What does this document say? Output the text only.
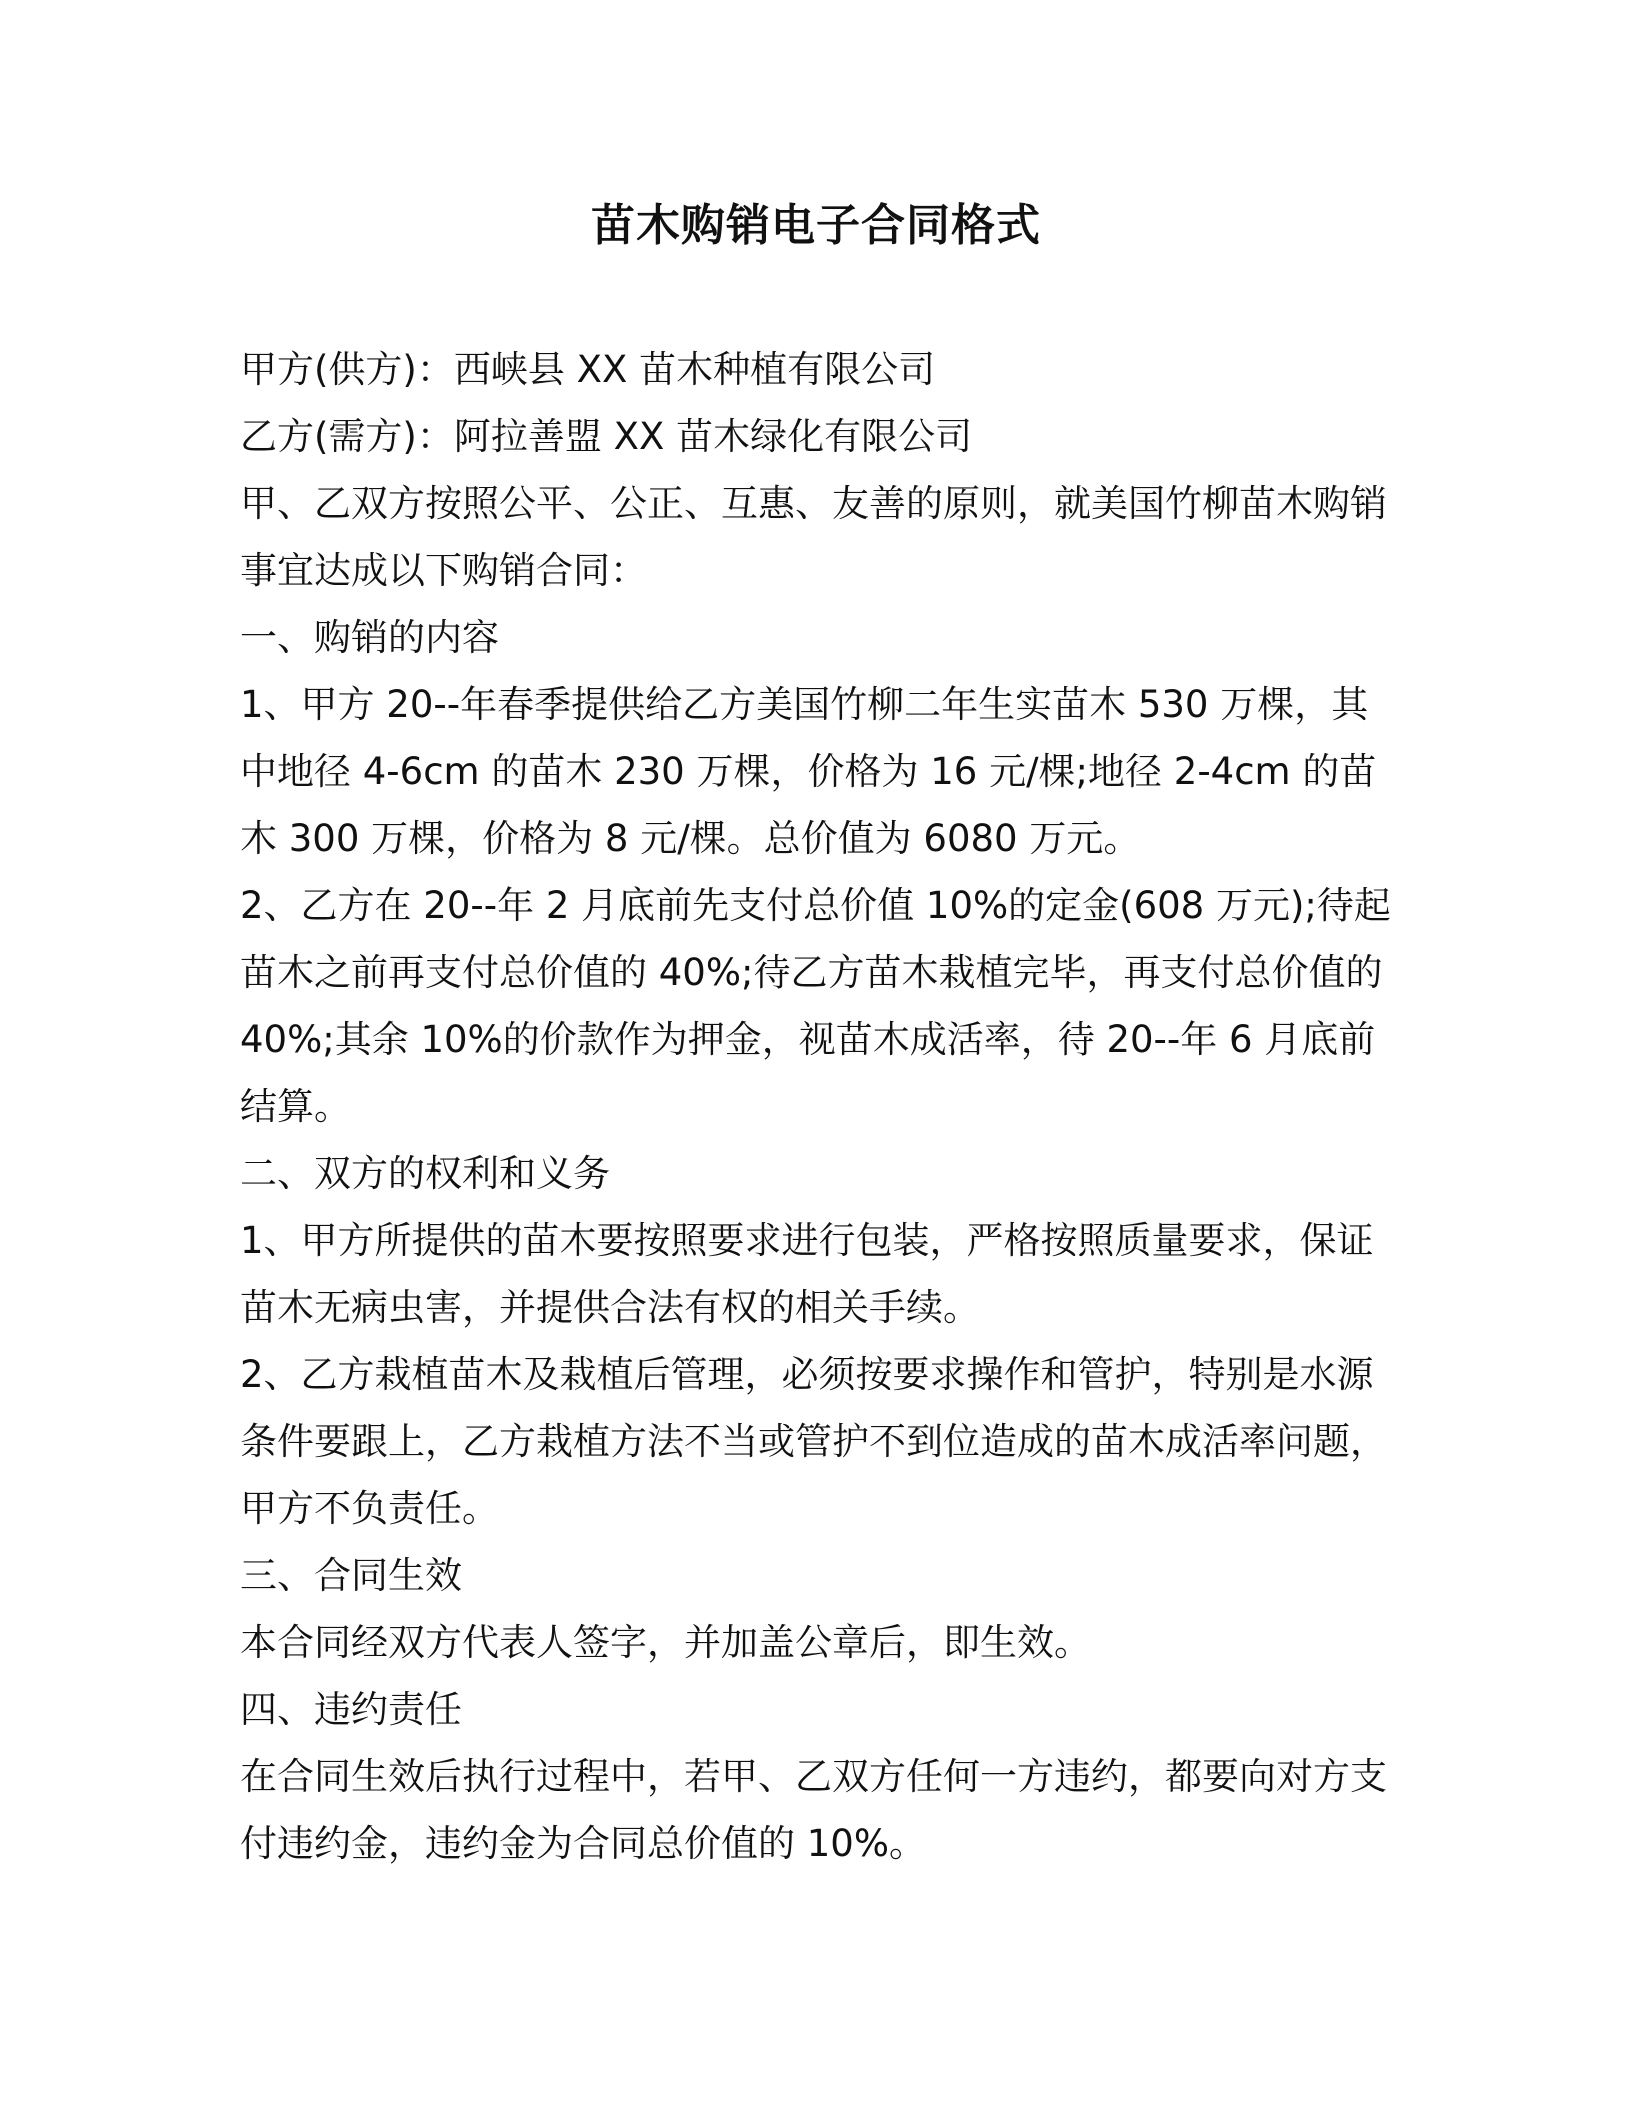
苗木购销电子合同格式

甲方(供方)：西峡县 XX 苗木种植有限公司

乙方(需方)：阿拉善盟 XX 苗木绿化有限公司

甲、乙双方按照公平、公正、互惠、友善的原则，就美国竹柳苗木购销事宜达成以下购销合同：

一、购销的内容

1、甲方 20--年春季提供给乙方美国竹柳二年生实苗木 530 万棵，其中地径 4-6cm 的苗木 230 万棵，价格为 16 元/棵;地径 2-4cm 的苗木 300 万棵，价格为 8 元/棵。总价值为 6080 万元。

2、乙方在 20--年 2 月底前先支付总价值 10%的定金(608 万元);待起苗木之前再支付总价值的 40%;待乙方苗木栽植完毕，再支付总价值的 40%;其余 10%的价款作为押金，视苗木成活率，待 20--年 6 月底前结算。

二、双方的权利和义务

1、甲方所提供的苗木要按照要求进行包装，严格按照质量要求，保证苗木无病虫害，并提供合法有权的相关手续。

2、乙方栽植苗木及栽植后管理，必须按要求操作和管护，特别是水源条件要跟上，乙方栽植方法不当或管护不到位造成的苗木成活率问题，甲方不负责任。

三、合同生效

本合同经双方代表人签字，并加盖公章后，即生效。

四、违约责任

在合同生效后执行过程中，若甲、乙双方任何一方违约，都要向对方支付违约金，违约金为合同总价值的 10%。
